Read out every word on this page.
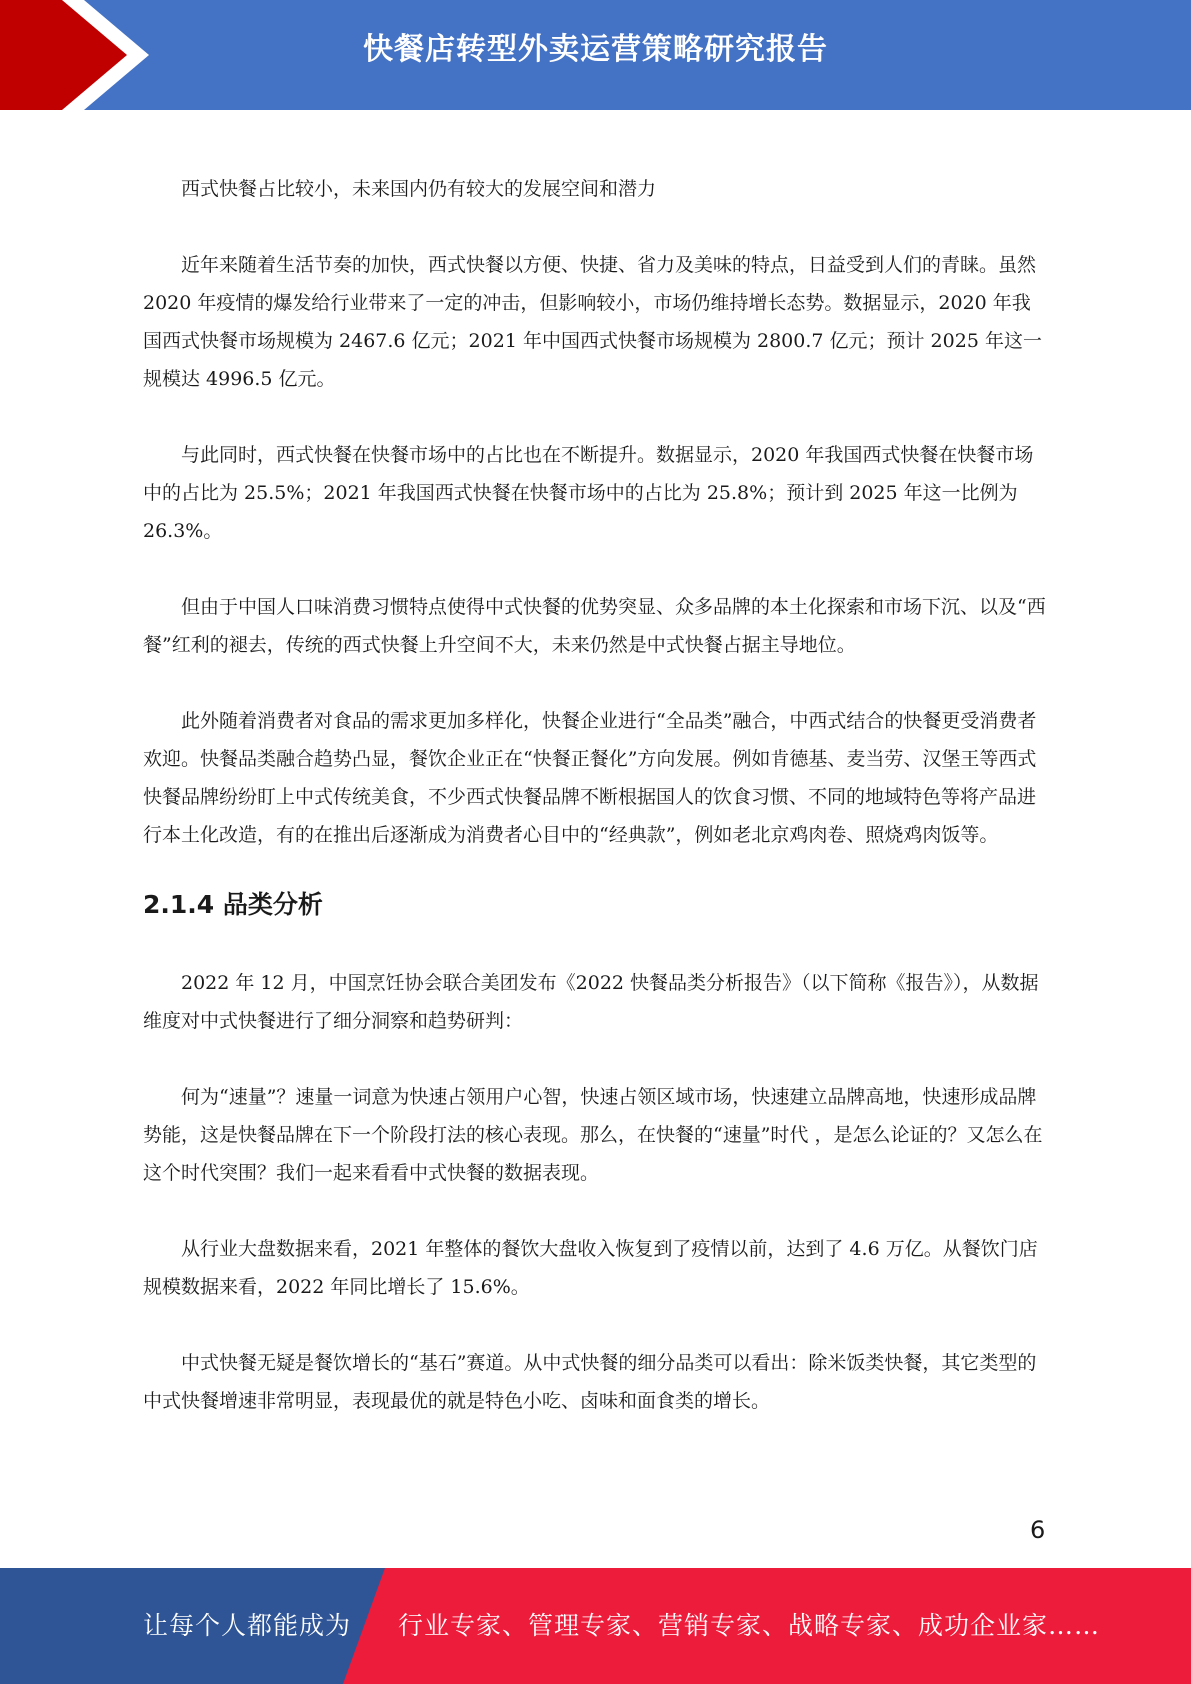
快餐店转型外卖运营策略研究报告

西式快餐占比较小，未来国内仍有较大的发展空间和潜力

近年来随着生活节奏的加快，西式快餐以方便、快捷、省力及美味的特点，日益受到人们的青睐。虽然 2020 年疫情的爆发给行业带来了一定的冲击，但影响较小，市场仍维持增长态势。数据显示，2020 年我国西式快餐市场规模为 2467.6 亿元；2021 年中国西式快餐市场规模为 2800.7 亿元；预计 2025 年这一规模达 4996.5 亿元。

与此同时，西式快餐在快餐市场中的占比也在不断提升。数据显示，2020 年我国西式快餐在快餐市场中的占比为 25.5%；2021 年我国西式快餐在快餐市场中的占比为 25.8%；预计到 2025 年这一比例为 26.3%。

但由于中国人口味消费习惯特点使得中式快餐的优势突显、众多品牌的本土化探索和市场下沉、以及“西餐”红利的褪去，传统的西式快餐上升空间不大，未来仍然是中式快餐占据主导地位。

此外随着消费者对食品的需求更加多样化，快餐企业进行“全品类”融合，中西式结合的快餐更受消费者欢迎。快餐品类融合趋势凸显，餐饮企业正在“快餐正餐化”方向发展。例如肯德基、麦当劳、汉堡王等西式快餐品牌纷纷盯上中式传统美食，不少西式快餐品牌不断根据国人的饮食习惯、不同的地域特色等将产品进行本土化改造，有的在推出后逐渐成为消费者心目中的“经典款”，例如老北京鸡肉卷、照烧鸡肉饭等。

2.1.4 品类分析

2022 年 12 月，中国烹饪协会联合美团发布《2022 快餐品类分析报告》（以下简称《报告》），从数据维度对中式快餐进行了细分洞察和趋势研判：

何为“速量”？速量一词意为快速占领用户心智，快速占领区域市场，快速建立品牌高地，快速形成品牌势能，这是快餐品牌在下一个阶段打法的核心表现。那么，在快餐的“速量”时代 ，是怎么论证的？又怎么在这个时代突围？我们一起来看看中式快餐的数据表现。

从行业大盘数据来看，2021 年整体的餐饮大盘收入恢复到了疫情以前，达到了 4.6 万亿。从餐饮门店规模数据来看，2022 年同比增长了 15.6%。

中式快餐无疑是餐饮增长的“基石”赛道。从中式快餐的细分品类可以看出：除米饭类快餐，其它类型的中式快餐增速非常明显，表现最优的就是特色小吃、卤味和面食类的增长。

6
让每个人都能成为 行业专家、管理专家、营销专家、战略专家、成功企业家……
